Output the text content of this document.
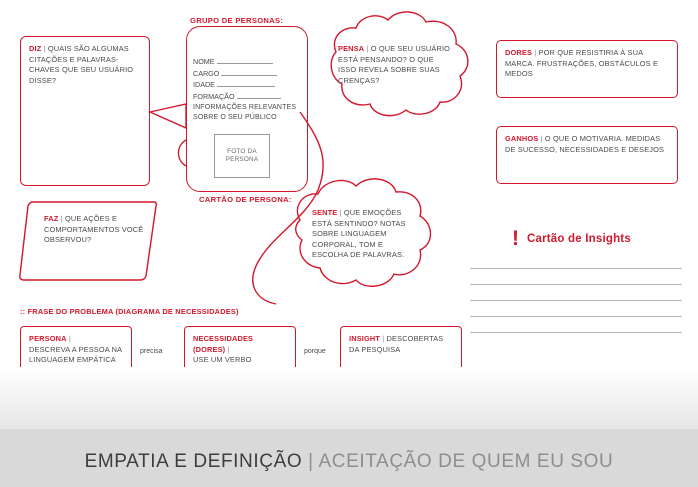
GRUPO DE PERSONAS:
NOME
CARGO
IDADE
FORMAÇÃO
INFORMAÇÕES RELEVANTES SOBRE O SEU PÚBLICO
FOTO DA PERSONA
CARTÃO DE PERSONA:
DIZ | QUAIS SÃO ALGUMAS CITAÇÕES E PALAVRAS-CHAVES QUE SEU USUÁRIO DISSE?
FAZ | QUE AÇÕES E COMPORTAMENTOS VOCÊ OBSERVOU?
PENSA | O QUE SEU USUÁRIO ESTÁ PENSANDO? O QUE ISSO REVELA SOBRE SUAS CRENÇAS?
SENTE | QUE EMOÇÕES ESTÁ SENTINDO? NOTAS SOBRE LINGUAGEM CORPORAL, TOM E ESCOLHA DE PALAVRAS.
DORES | POR QUE RESISTIRIA À SUA MARCA. FRUSTRAÇÕES, OBSTÁCULOS E MEDOS
GANHOS | O QUE O MOTIVARIA. MEDIDAS DE SUCESSO, NECESSIDADES E DESEJOS
! Cartão de Insights
:: FRASE DO PROBLEMA (DIAGRAMA DE NECESSIDADES)
PERSONA |
DESCREVA A PESSOA NA LINGUAGEM EMPÁTICA
precisa
NECESSIDADES (DORES) |
USE UM VERBO
porque
INSIGHT | DESCOBERTAS DA PESQUISA
EMPATIA E DEFINIÇÃO | ACEITAÇÃO DE QUEM EU SOU
